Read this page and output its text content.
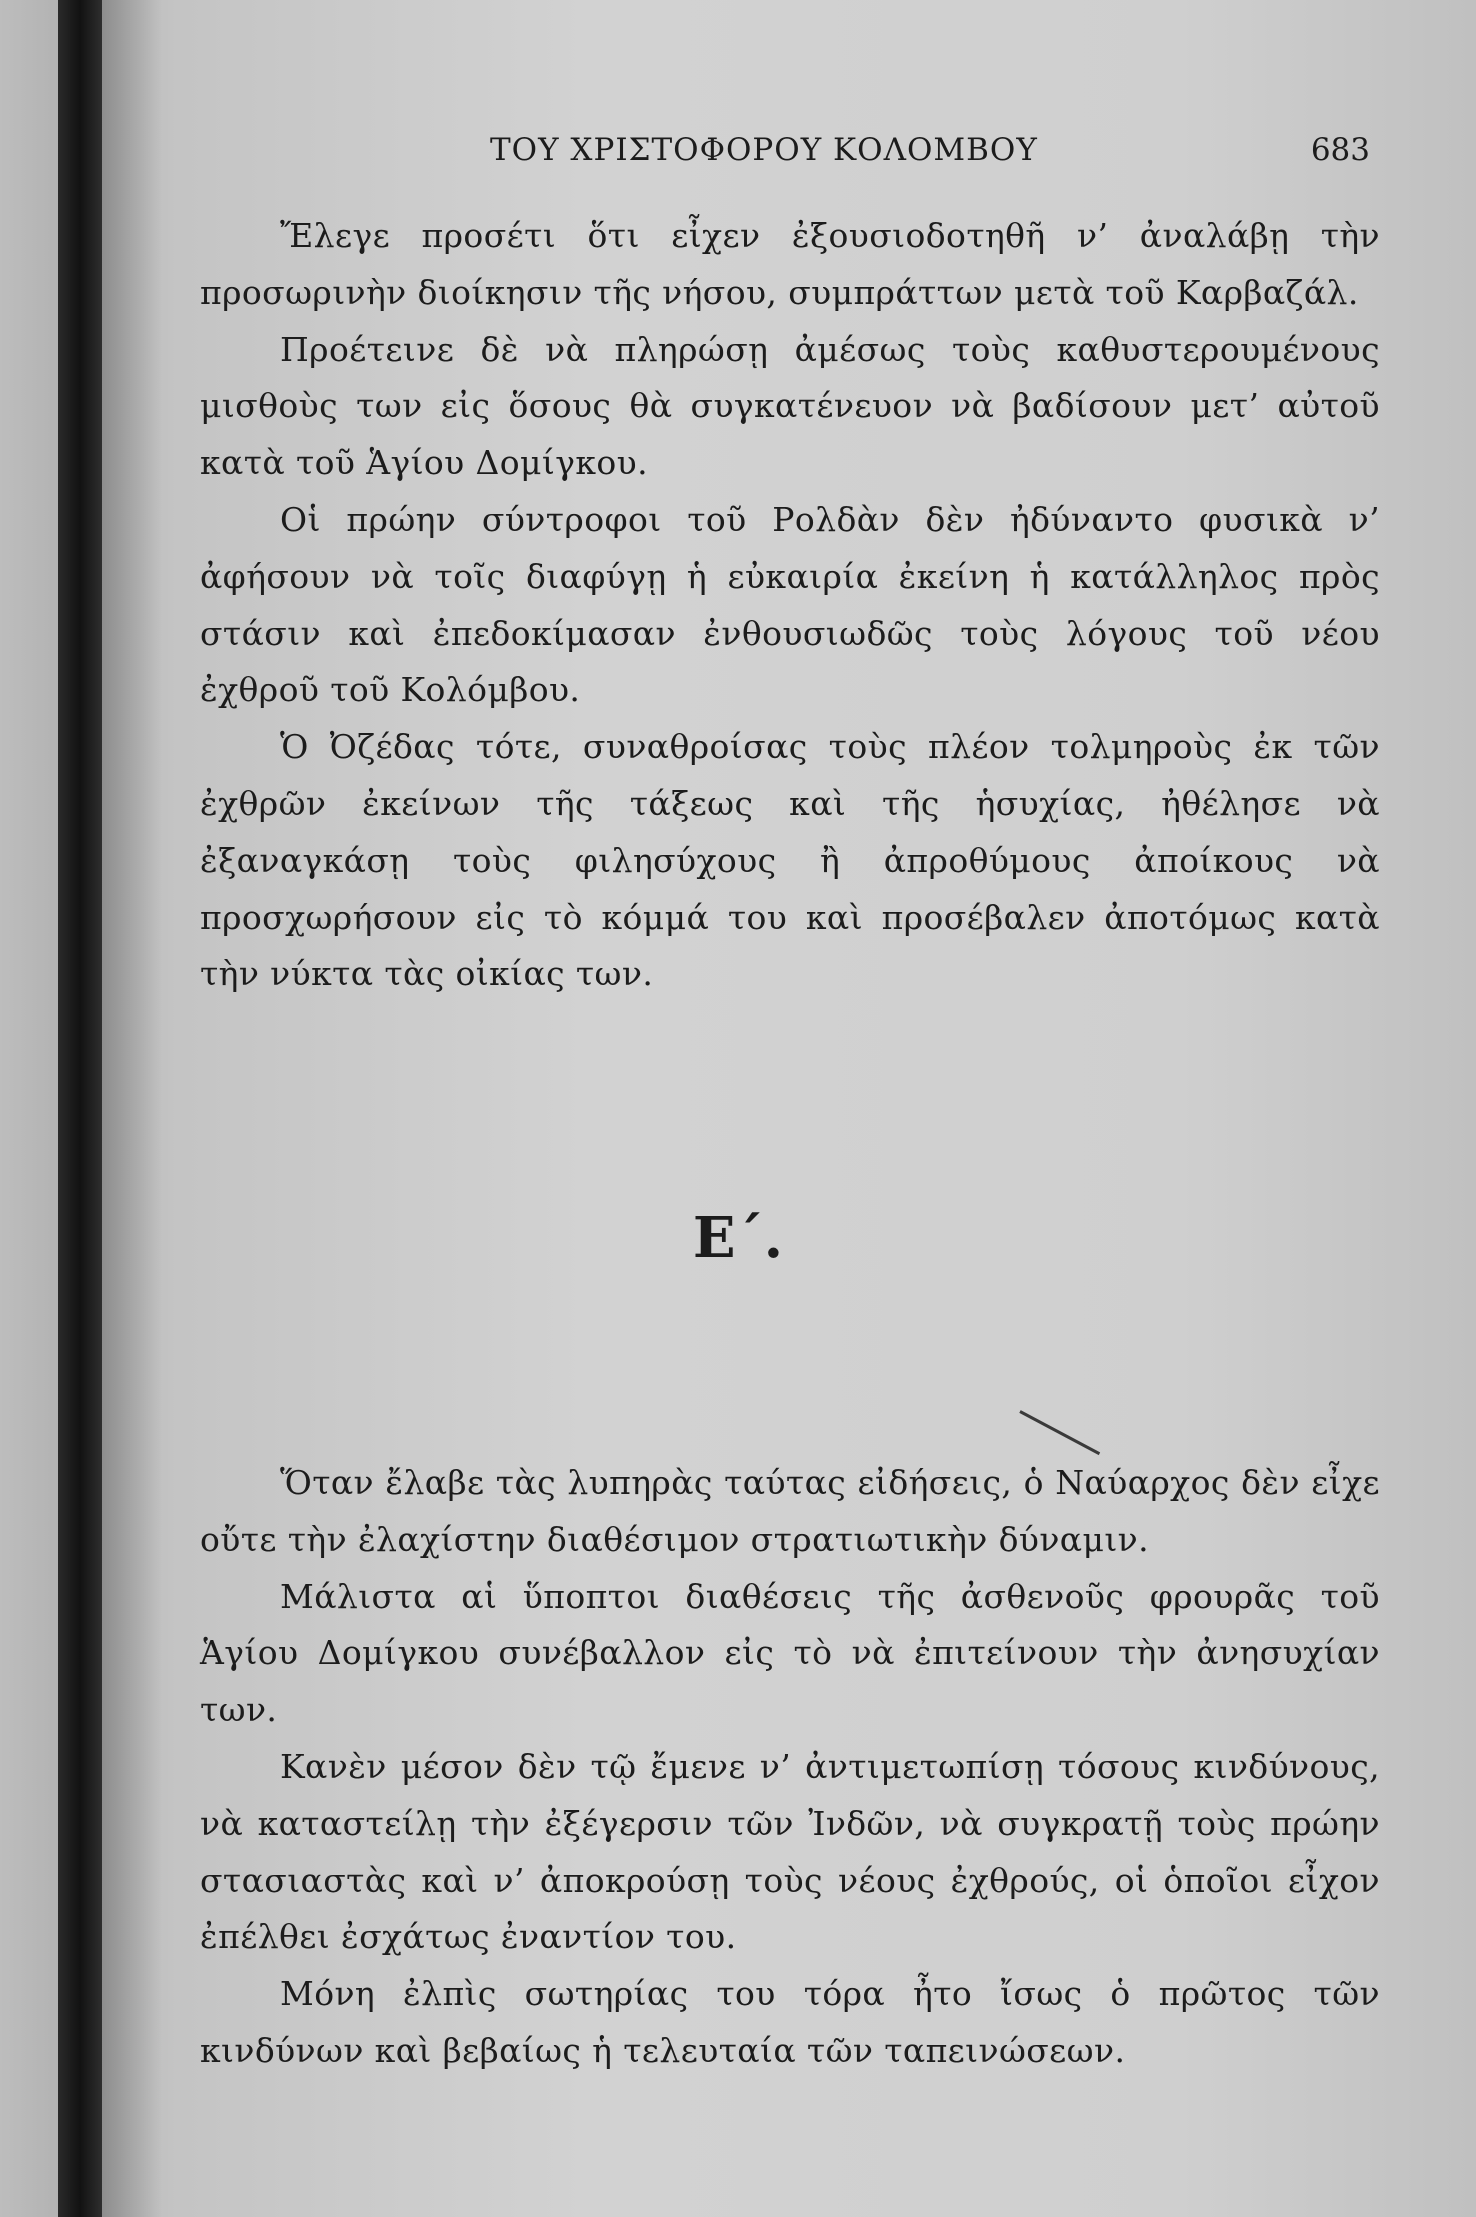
ΤΟΥ ΧΡΙΣΤΟΦΟΡΟΥ ΚΟΛΟΜΒΟΥ	683

Ἔλεγε προσέτι ὅτι εἶχεν ἐξουσιοδοτηθῆ ν’ ἀναλάβῃ τὴν προσωρινὴν διοίκησιν τῆς νήσου, συμπράττων μετὰ τοῦ Καρβαζάλ.

Προέτεινε δὲ νὰ πληρώσῃ ἀμέσως τοὺς καθυστερουμένους μισθοὺς των εἰς ὅσους θὰ συγκατένευον νὰ βαδίσουν μετ’ αὐτοῦ κατὰ τοῦ Ἁγίου Δομίγκου.

Οἱ πρώην σύντροφοι τοῦ Ρολδὰν δὲν ἠδύναντο φυσικὰ ν’ ἀφήσουν νὰ τοῖς διαφύγῃ ἡ εὐκαιρία ἐκείνη ἡ κατάλληλος πρὸς στάσιν καὶ ἐπεδοκίμασαν ἐνθουσιωδῶς τοὺς λόγους τοῦ νέου ἐχθροῦ τοῦ Κολόμβου.

Ὁ Ὀζέδας τότε, συναθροίσας τοὺς πλέον τολμηροὺς ἐκ τῶν ἐχθρῶν ἐκείνων τῆς τάξεως καὶ τῆς ἡσυχίας, ἠθέλησε νὰ ἐξαναγκάσῃ τοὺς φιλησύχους ἢ ἀπροθύμους ἀποίκους νὰ προσχωρήσουν εἰς τὸ κόμμά του καὶ προσέβαλεν ἀποτόμως κατὰ τὴν νύκτα τὰς οἰκίας των.

Ε΄.

Ὅταν ἔλαβε τὰς λυπηρὰς ταύτας εἰδήσεις, ὁ Ναύαρχος δὲν εἶχε οὔτε τὴν ἐλαχίστην διαθέσιμον στρατιωτικὴν δύναμιν.

Μάλιστα αἱ ὕποπτοι διαθέσεις τῆς ἀσθενοῦς φρουρᾶς τοῦ Ἁγίου Δομίγκου συνέβαλλον εἰς τὸ νὰ ἐπιτείνουν τὴν ἀνησυχίαν των.

Κανὲν μέσον δὲν τῷ ἔμενε ν’ ἀντιμετωπίσῃ τόσους κινδύνους, νὰ καταστείλῃ τὴν ἐξέγερσιν τῶν Ἰνδῶν, νὰ συγκρατῇ τοὺς πρώην στασιαστὰς καὶ ν’ ἀποκρούσῃ τοὺς νέους ἐχθρούς, οἱ ὁποῖοι εἶχον ἐπέλθει ἐσχάτως ἐναντίον του.

Μόνη ἐλπὶς σωτηρίας του τόρα ἦτο ἴσως ὁ πρῶτος τῶν κινδύνων καὶ βεβαίως ἡ τελευταία τῶν ταπεινώσεων.
